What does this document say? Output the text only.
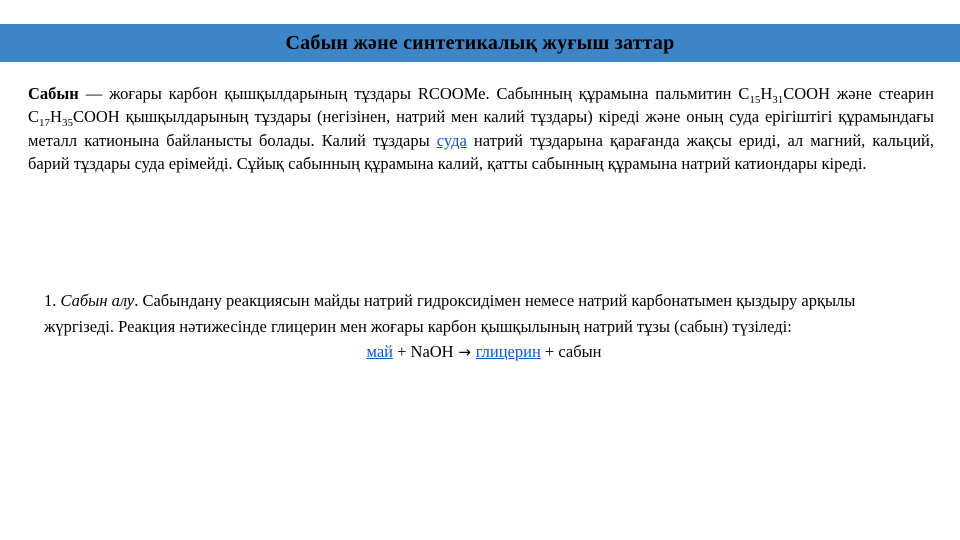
Сабын және синтетикалық жуғыш заттар

Сабын — жоғары карбон қышқылдарының тұздары RCOOМе. Сабынның құрамына пальмитин $С_{15}Н_{31}СООН$ және стеарин $С_{17}Н_{35}СООН$ қышқылдарының тұздары (негізінен, натрий мен калий тұздары) кіреді және оның суда ерігіштігі құрамындағы металл катионына байланысты болады. Калий тұздары суда натрий тұздарына қарағанда жақсы ериді, ал магний, кальций, барий тұздары суда ерімейді. Сұйық сабынның құрамына калий, қатты сабынның құрамына натрий катиондары кіреді.

1. Сабын алу. Сабындану реакциясын майды натрий гидроксидімен немесе натрий карбонатымен қыздыру арқылы жүргізеді. Реакция нәтижесінде глицерин мен жоғары карбон қышқылының натрий тұзы (сабын) түзіледі:

май + NaOH → глицерин + сабын
